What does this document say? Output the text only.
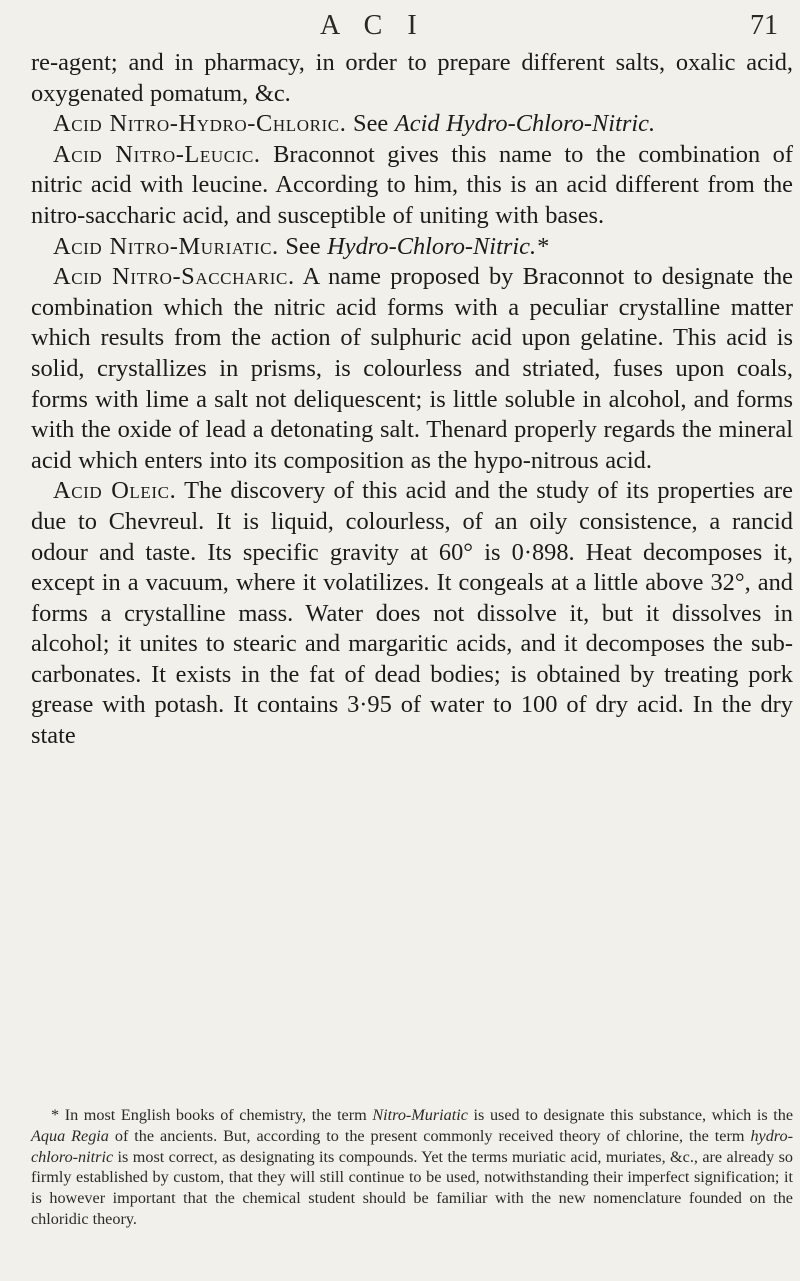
A C I	71

re-agent; and in pharmacy, in order to prepare different salts, oxalic acid, oxygenated pomatum, &c.

Acid Nitro-Hydro-Chloric. See Acid Hydro-Chloro-Nitric.

Acid Nitro-Leucic. Braconnot gives this name to the combination of nitric acid with leucine. According to him, this is an acid different from the nitro-saccharic acid, and susceptible of uniting with bases.

Acid Nitro-Muriatic. See Hydro-Chloro-Nitric.*

Acid Nitro-Saccharic. A name proposed by Braconnot to designate the combination which the nitric acid forms with a peculiar crystalline matter which results from the action of sulphuric acid upon gelatine. This acid is solid, crystallizes in prisms, is colourless and striated, fuses upon coals, forms with lime a salt not deliquescent; is little soluble in alcohol, and forms with the oxide of lead a detonating salt. Thenard properly regards the mineral acid which enters into its composition as the hypo-nitrous acid.

Acid Oleic. The discovery of this acid and the study of its properties are due to Chevreul. It is liquid, colourless, of an oily consistence, a rancid odour and taste. Its specific gravity at 60° is 0·898. Heat decomposes it, except in a vacuum, where it volatilizes. It congeals at a little above 32°, and forms a crystalline mass. Water does not dissolve it, but it dissolves in alcohol; it unites to stearic and margaritic acids, and it decomposes the sub-carbonates. It exists in the fat of dead bodies; is obtained by treating pork grease with potash. It contains 3·95 of water to 100 of dry acid. In the dry state

* In most English books of chemistry, the term Nitro-Muriatic is used to designate this substance, which is the Aqua Regia of the ancients. But, according to the present commonly received theory of chlorine, the term hydro-chloro-nitric is most correct, as designating its compounds. Yet the terms muriatic acid, muriates, &c., are already so firmly established by custom, that they will still continue to be used, notwithstanding their imperfect signification; it is however important that the chemical student should be familiar with the new nomenclature founded on the chloridic theory.
